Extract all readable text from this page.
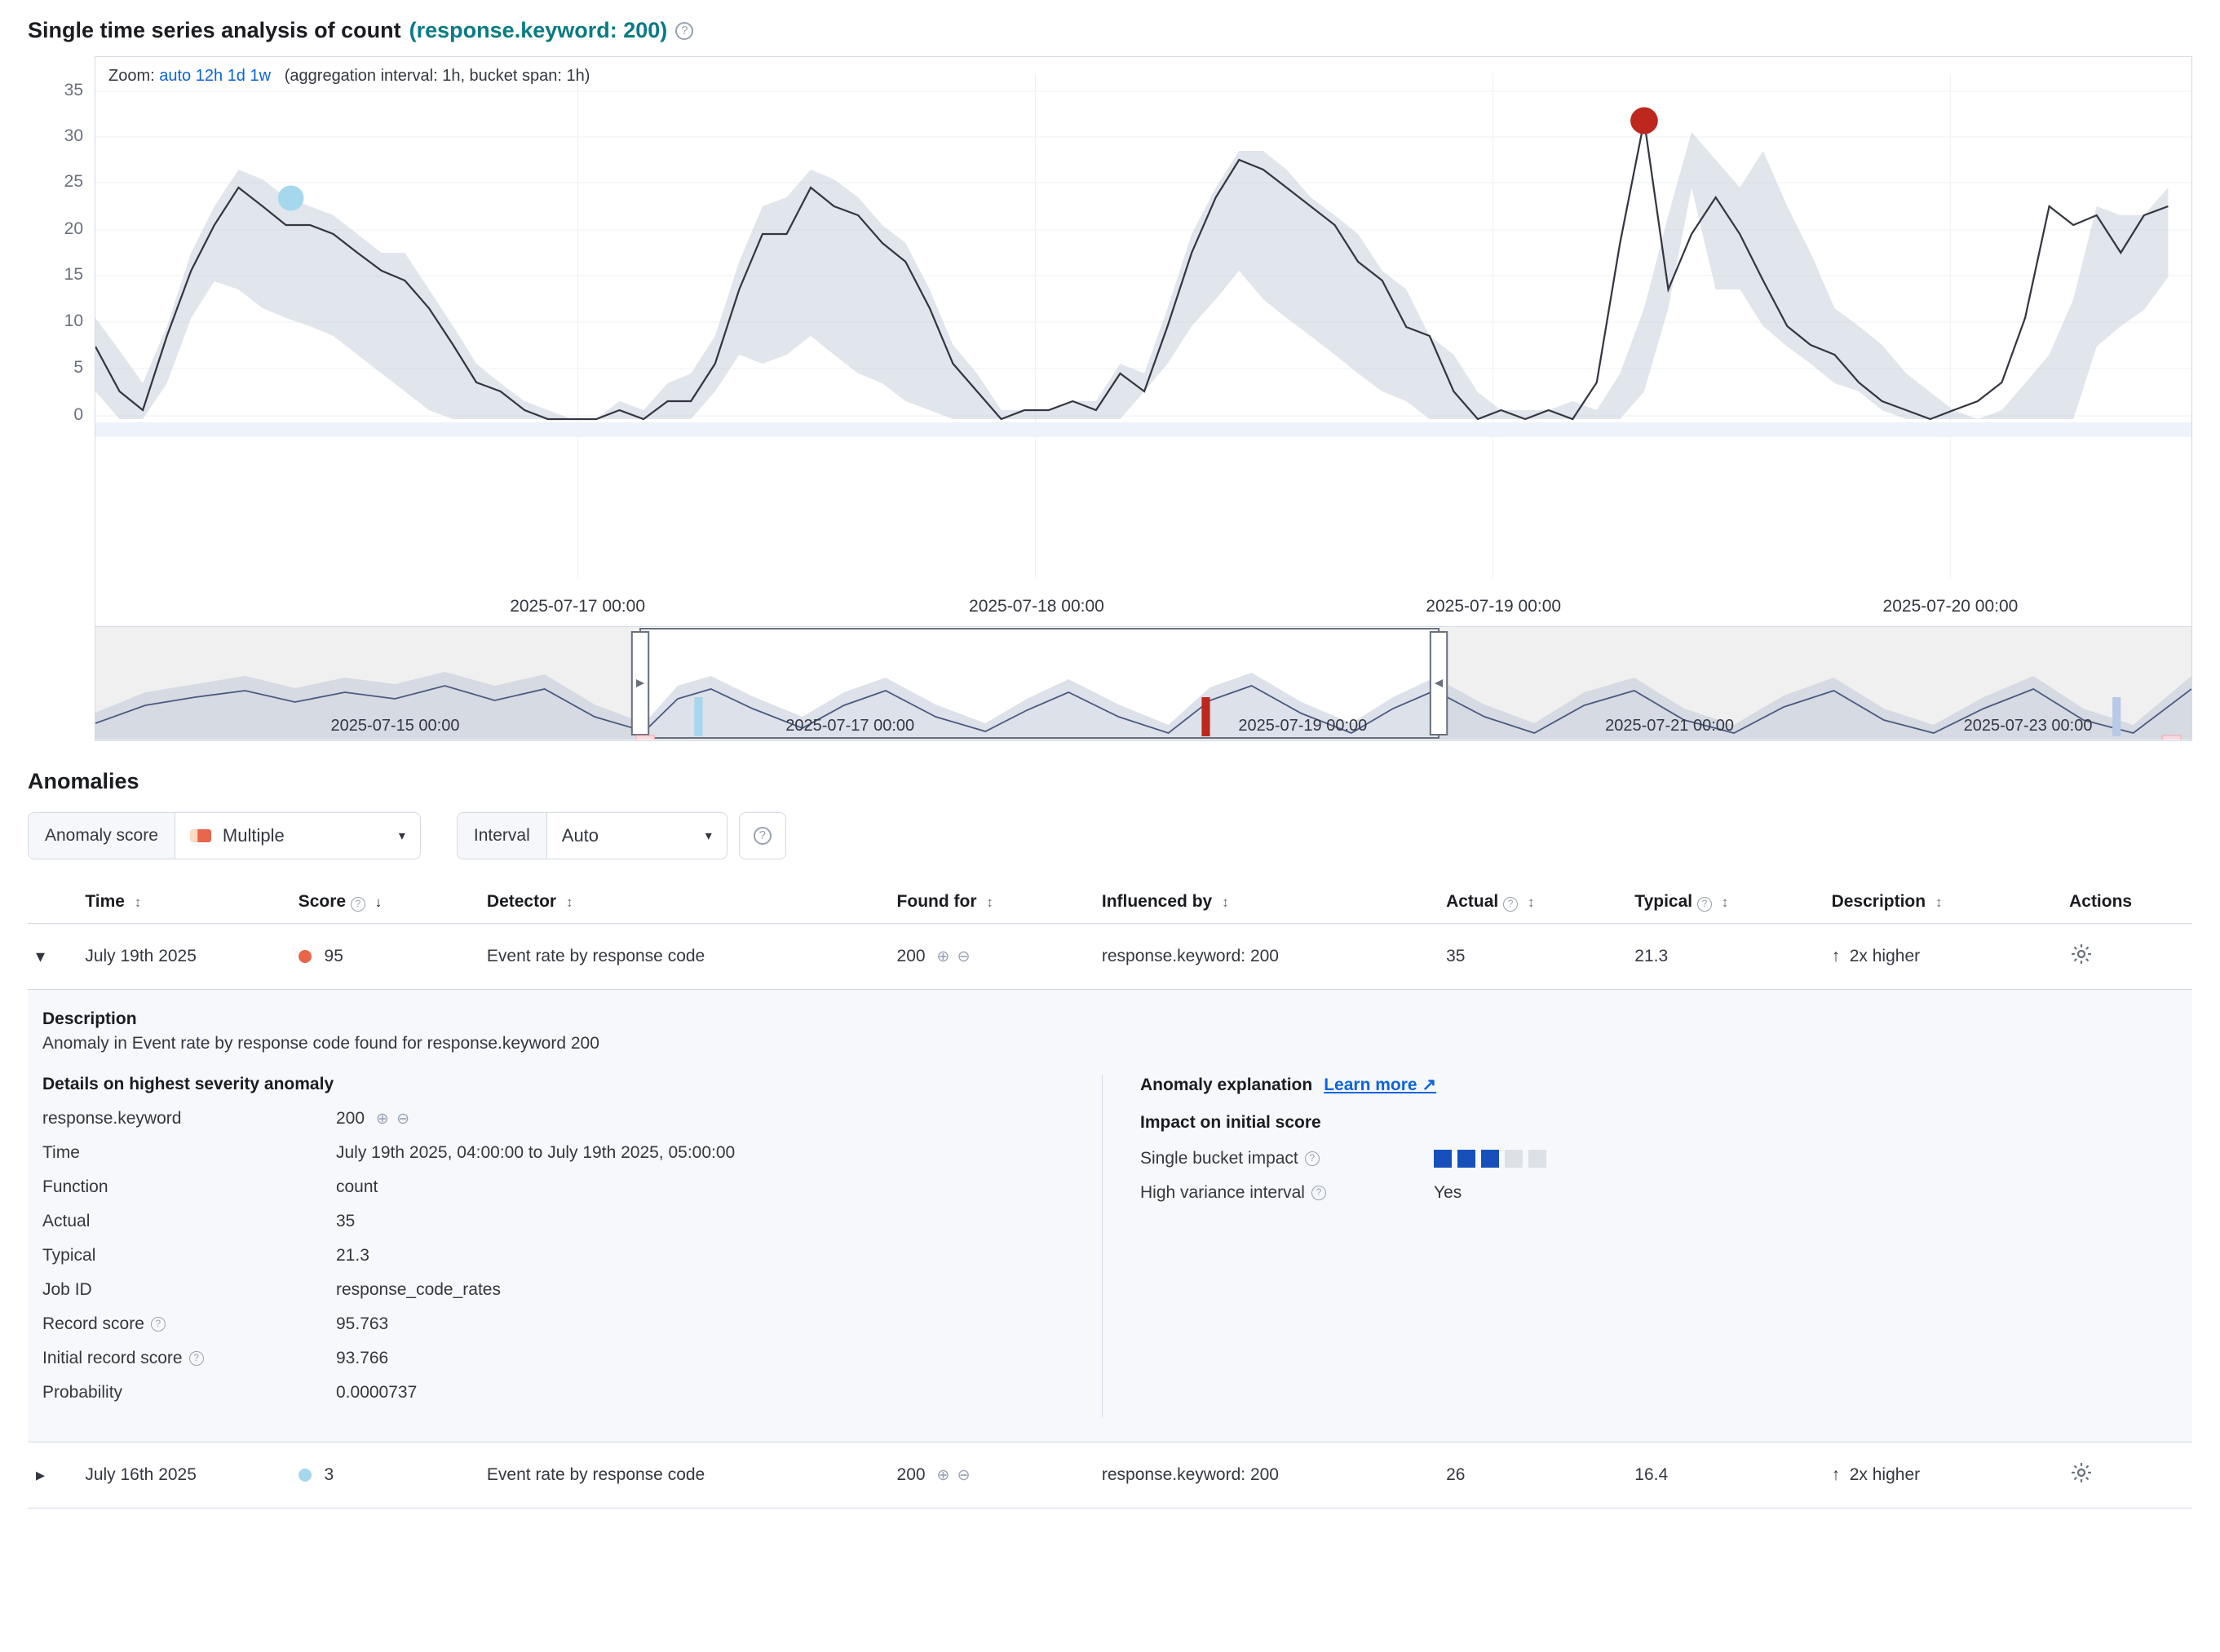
Single time series analysis of count (response.keyword: 200)	?
35
30
25
20
15
10
5
0
Zoom: auto 12h 1d 1w (aggregation interval: 1h, bucket span: 1h)
2025-07-17 00:00	2025-07-18 00:00	2025-07-19 00:00	2025-07-20 00:00
2025-07-15 00:00	2025-07-17 00:00	2025-07-19 00:00	2025-07-21 00:00	2025-07-23 00:00
Anomalies
Anomaly score	Multiple	▾	Interval	Auto	▾	?
	Time ↕	Score ? ↓	Detector ↕	Found for ↕	Influenced by ↕	Actual ? ↕	Typical ? ↕	Description ↕	Actions
▾	July 19th 2025	95	Event rate by response code	200 ⊕ ⊖	response.keyword: 200	35	21.3	↑ 2x higher	

Description
Anomaly in Event rate by response code found for response.keyword 200
Details on highest severity anomaly
response.keyword	200 ⊕ ⊖
Time	July 19th 2025, 04:00:00 to July 19th 2025, 05:00:00
Function	count
Actual	35
Typical	21.3
Job ID	response_code_rates
Record score	?	95.763
Initial record score	?	93.766
Probability	0.0000737
Anomaly explanation Learn more ↗
Impact on initial score
Single bucket impact	?
High variance interval	?	Yes

▸	July 16th 2025	3	Event rate by response code	200 ⊕ ⊖	response.keyword: 200	26	16.4	↑ 2x higher	
